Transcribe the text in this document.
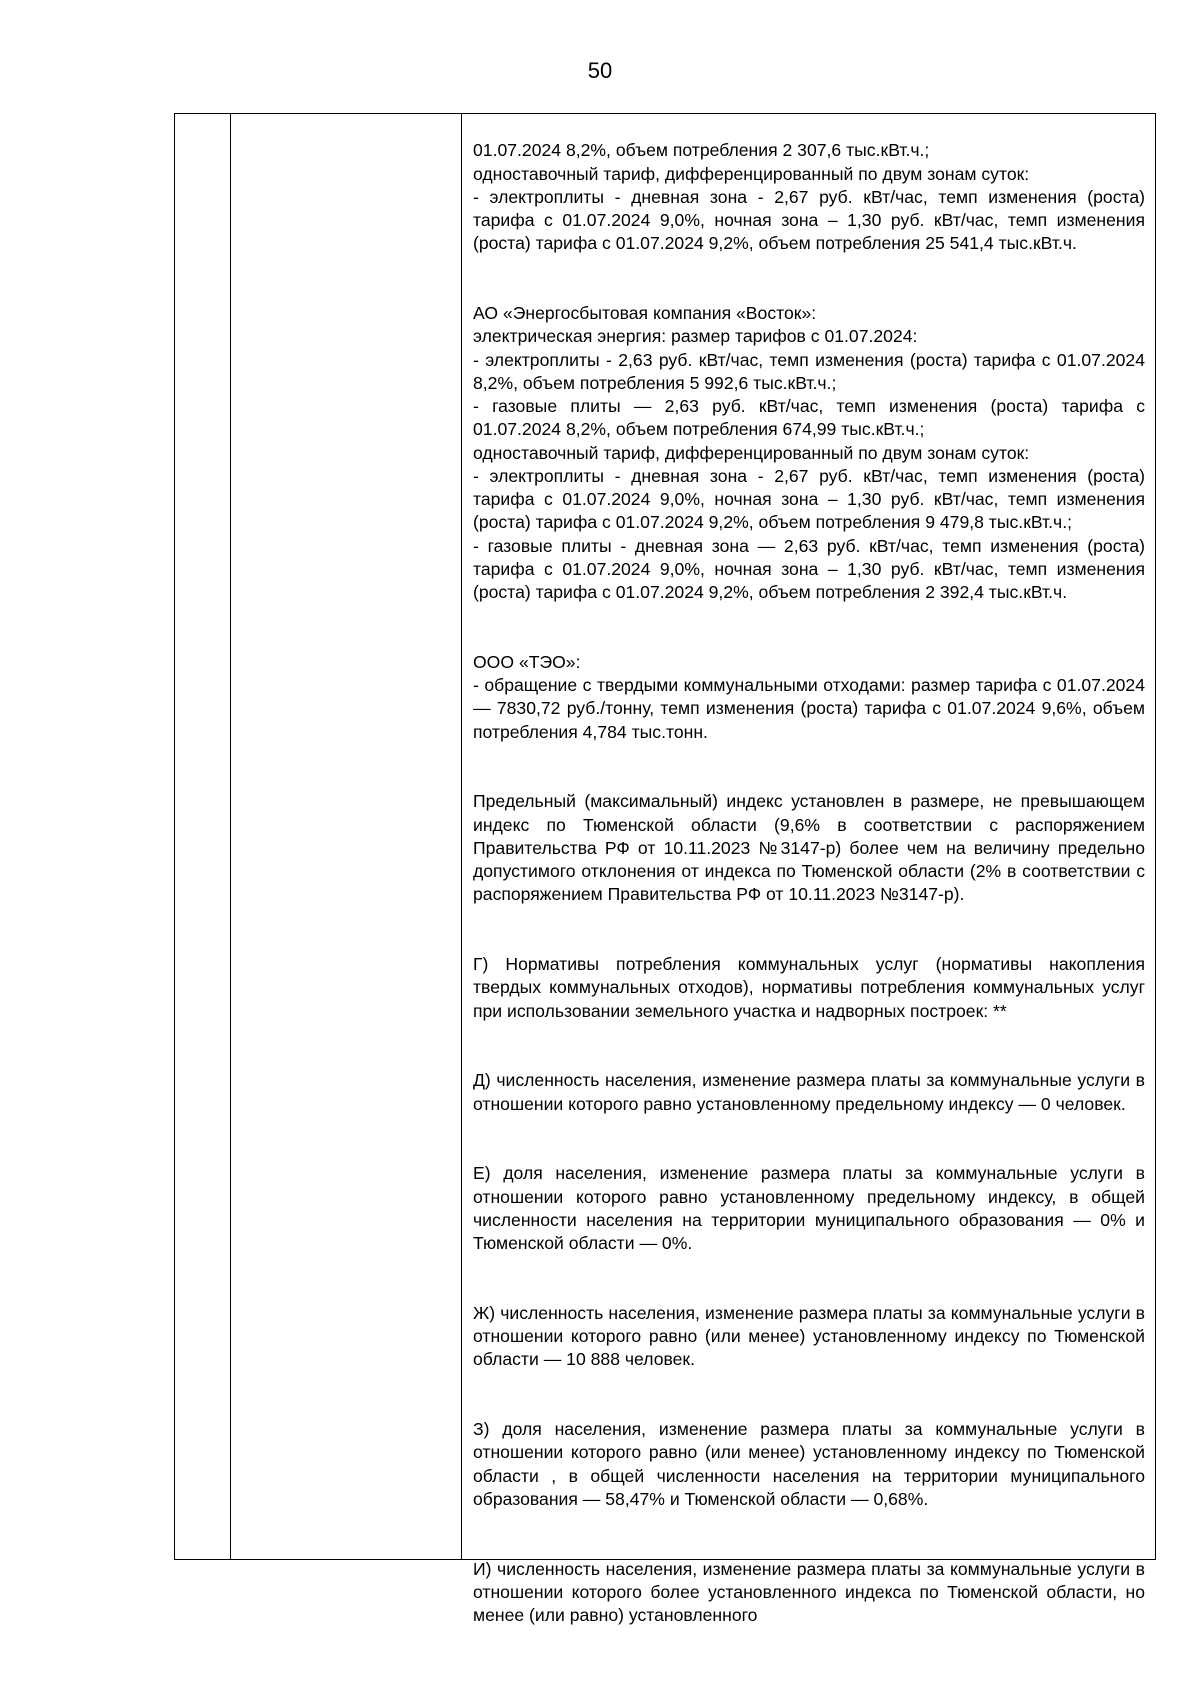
50

01.07.2024 8,2%, объем потребления 2 307,6 тыс.кВт.ч.;
одноставочный тариф, дифференцированный по двум зонам суток:
- электроплиты - дневная зона - 2,67 руб. кВт/час, темп изменения (роста) тарифа с 01.07.2024 9,0%, ночная зона – 1,30 руб. кВт/час, темп изменения (роста) тарифа с 01.07.2024 9,2%, объем потребления 25 541,4 тыс.кВт.ч.

АО «Энергосбытовая компания «Восток»:
электрическая энергия: размер тарифов с 01.07.2024:
- электроплиты - 2,63 руб. кВт/час, темп изменения (роста) тарифа с 01.07.2024 8,2%, объем потребления 5 992,6 тыс.кВт.ч.;
- газовые плиты — 2,63 руб. кВт/час, темп изменения (роста) тарифа с 01.07.2024 8,2%, объем потребления 674,99 тыс.кВт.ч.;
одноставочный тариф, дифференцированный по двум зонам суток:
- электроплиты - дневная зона - 2,67 руб. кВт/час, темп изменения (роста) тарифа с 01.07.2024 9,0%, ночная зона – 1,30 руб. кВт/час, темп изменения (роста) тарифа с 01.07.2024 9,2%, объем потребления 9 479,8 тыс.кВт.ч.;
- газовые плиты - дневная зона — 2,63 руб. кВт/час, темп изменения (роста) тарифа с 01.07.2024 9,0%, ночная зона – 1,30 руб. кВт/час, темп изменения (роста) тарифа с 01.07.2024 9,2%, объем потребления 2 392,4 тыс.кВт.ч.

ООО «ТЭО»:
- обращение с твердыми коммунальными отходами: размер тарифа с 01.07.2024 — 7830,72 руб./тонну, темп изменения (роста) тарифа с 01.07.2024 9,6%, объем потребления 4,784 тыс.тонн.

Предельный (максимальный) индекс установлен в размере, не превышающем индекс по Тюменской области (9,6% в соответствии с распоряжением Правительства РФ от 10.11.2023 №3147-р) более чем на величину предельно допустимого отклонения от индекса по Тюменской области (2% в соответствии с распоряжением Правительства РФ от 10.11.2023 №3147-р).

Г) Нормативы потребления коммунальных услуг (нормативы накопления твердых коммунальных отходов), нормативы потребления коммунальных услуг при использовании земельного участка и надворных построек: **

Д) численность населения, изменение размера платы за коммунальные услуги в отношении которого равно установленному предельному индексу — 0 человек.

Е) доля населения, изменение размера платы за коммунальные услуги в отношении которого равно установленному предельному индексу, в общей численности населения на территории муниципального образования — 0% и Тюменской области — 0%.

Ж) численность населения, изменение размера платы за коммунальные услуги в отношении которого равно (или менее) установленному индексу по Тюменской области — 10 888 человек.

З) доля населения, изменение размера платы за коммунальные услуги в отношении которого равно (или менее) установленному индексу по Тюменской области , в общей численности населения на территории муниципального образования — 58,47% и Тюменской области — 0,68%.

И) численность населения, изменение размера платы за коммунальные услуги в отношении которого более установленного индекса по Тюменской области, но менее (или равно) установленного
